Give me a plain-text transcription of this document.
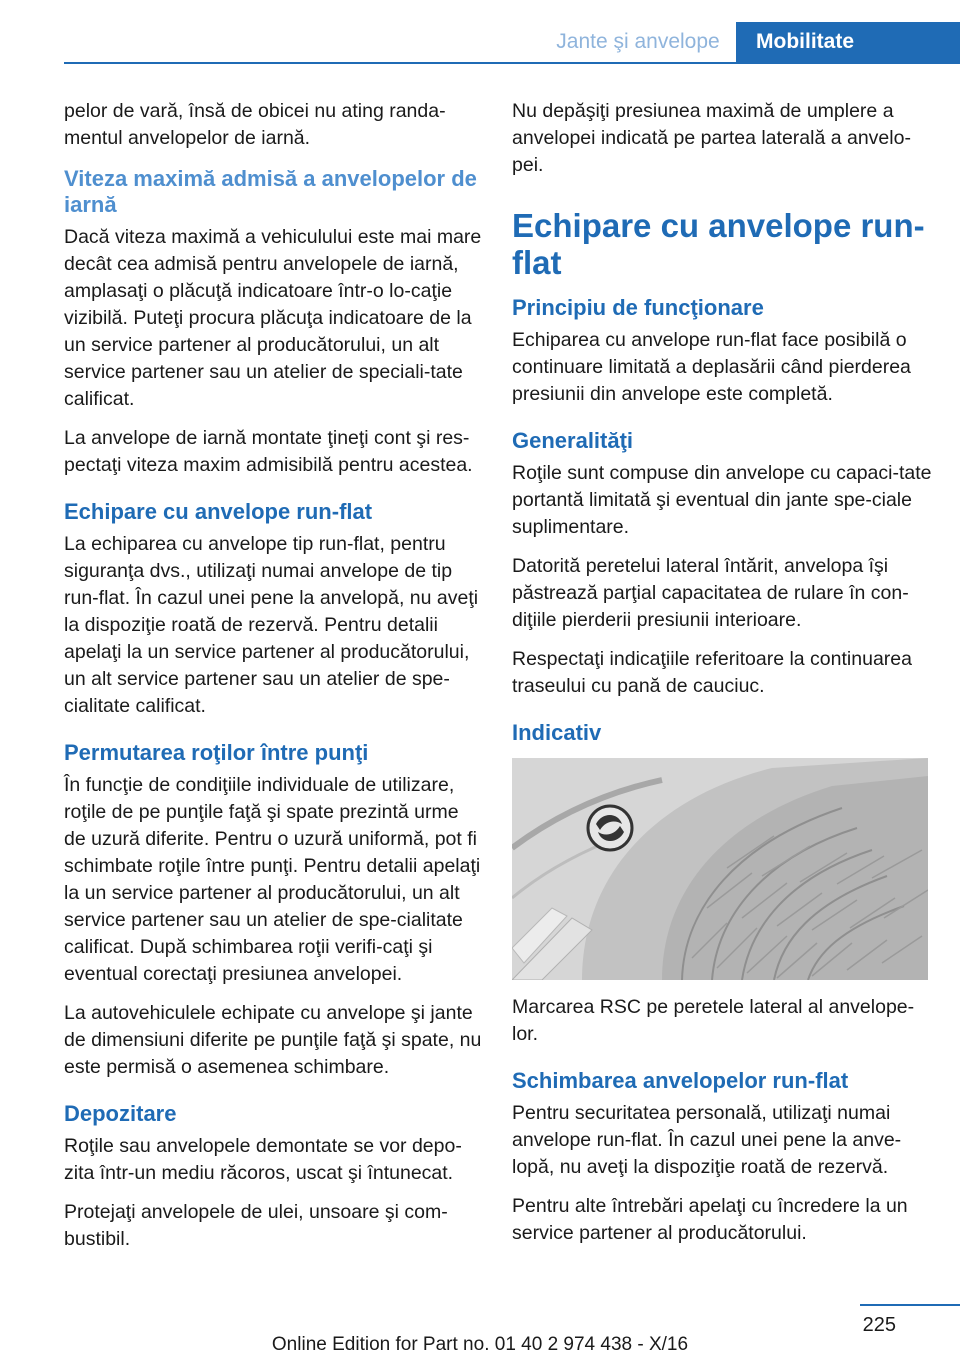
Jante şi anvelope	Mobilitate

pelor de vară, însă de obicei nu ating randa‐mentul anvelopelor de iarnă.

Viteza maximă admisă a anvelopelor de iarnă

Dacă viteza maximă a vehiculului este mai mare decât cea admisă pentru anvelopele de iarnă, amplasaţi o plăcuţă indicatoare într‐o lo‐caţie vizibilă. Puteţi procura plăcuţa indicatoare de la un service partener al producătorului, un alt service partener sau un atelier de speciali‐tate calificat.

La anvelope de iarnă montate ţineţi cont şi res‐pectaţi viteza maxim admisibilă pentru acestea.

Echipare cu anvelope run-flat

La echiparea cu anvelope tip run-flat, pentru siguranţa dvs., utilizaţi numai anvelope de tip run-flat. În cazul unei pene la anvelopă, nu aveţi la dispoziţie roată de rezervă. Pentru detalii apelaţi la un service partener al producătorului, un alt service partener sau un atelier de spe‐cialitate calificat.

Permutarea roţilor între punţi

În funcţie de condiţiile individuale de utilizare, roţile de pe punţile faţă şi spate prezintă urme de uzură diferite. Pentru o uzură uniformă, pot fi schimbate roţile între punţi. Pentru detalii apelaţi la un service partener al producătorului, un alt service partener sau un atelier de spe‐cialitate calificat. După schimbarea roţii verifi‐caţi şi eventual corectaţi presiunea anvelopei.

La autovehiculele echipate cu anvelope şi jante de dimensiuni diferite pe punţile faţă şi spate, nu este permisă o asemenea schimbare.

Depozitare

Roţile sau anvelopele demontate se vor depo‐zita într-un mediu răcoros, uscat şi întunecat.

Protejaţi anvelopele de ulei, unsoare şi com‐bustibil.

Nu depăşiţi presiunea maximă de umplere a anvelopei indicată pe partea laterală a anvelo‐pei.

Echipare cu anvelope run-flat
Principiu de funcţionare

Echiparea cu anvelope run-flat face posibilă o continuare limitată a deplasării când pierderea presiunii din anvelope este completă.

Generalităţi

Roţile sunt compuse din anvelope cu capaci‐tate portantă limitată şi eventual din jante spe‐ciale suplimentare.

Datorită peretelui lateral întărit, anvelopa îşi păstrează parţial capacitatea de rulare în con‐diţiile pierderii presiunii interioare.

Respectaţi indicaţiile referitoare la continuarea traseului cu pană de cauciuc.

Indicativ

Marcarea RSC pe peretele lateral al anvelope‐lor.

Schimbarea anvelopelor run-flat

Pentru securitatea personală, utilizaţi numai anvelope run-flat. În cazul unei pene la anve‐lopă, nu aveţi la dispoziţie roată de rezervă.

Pentru alte întrebări apelaţi cu încredere la un service partener al producătorului.

225
Online Edition for Part no. 01 40 2 974 438 - X/16
